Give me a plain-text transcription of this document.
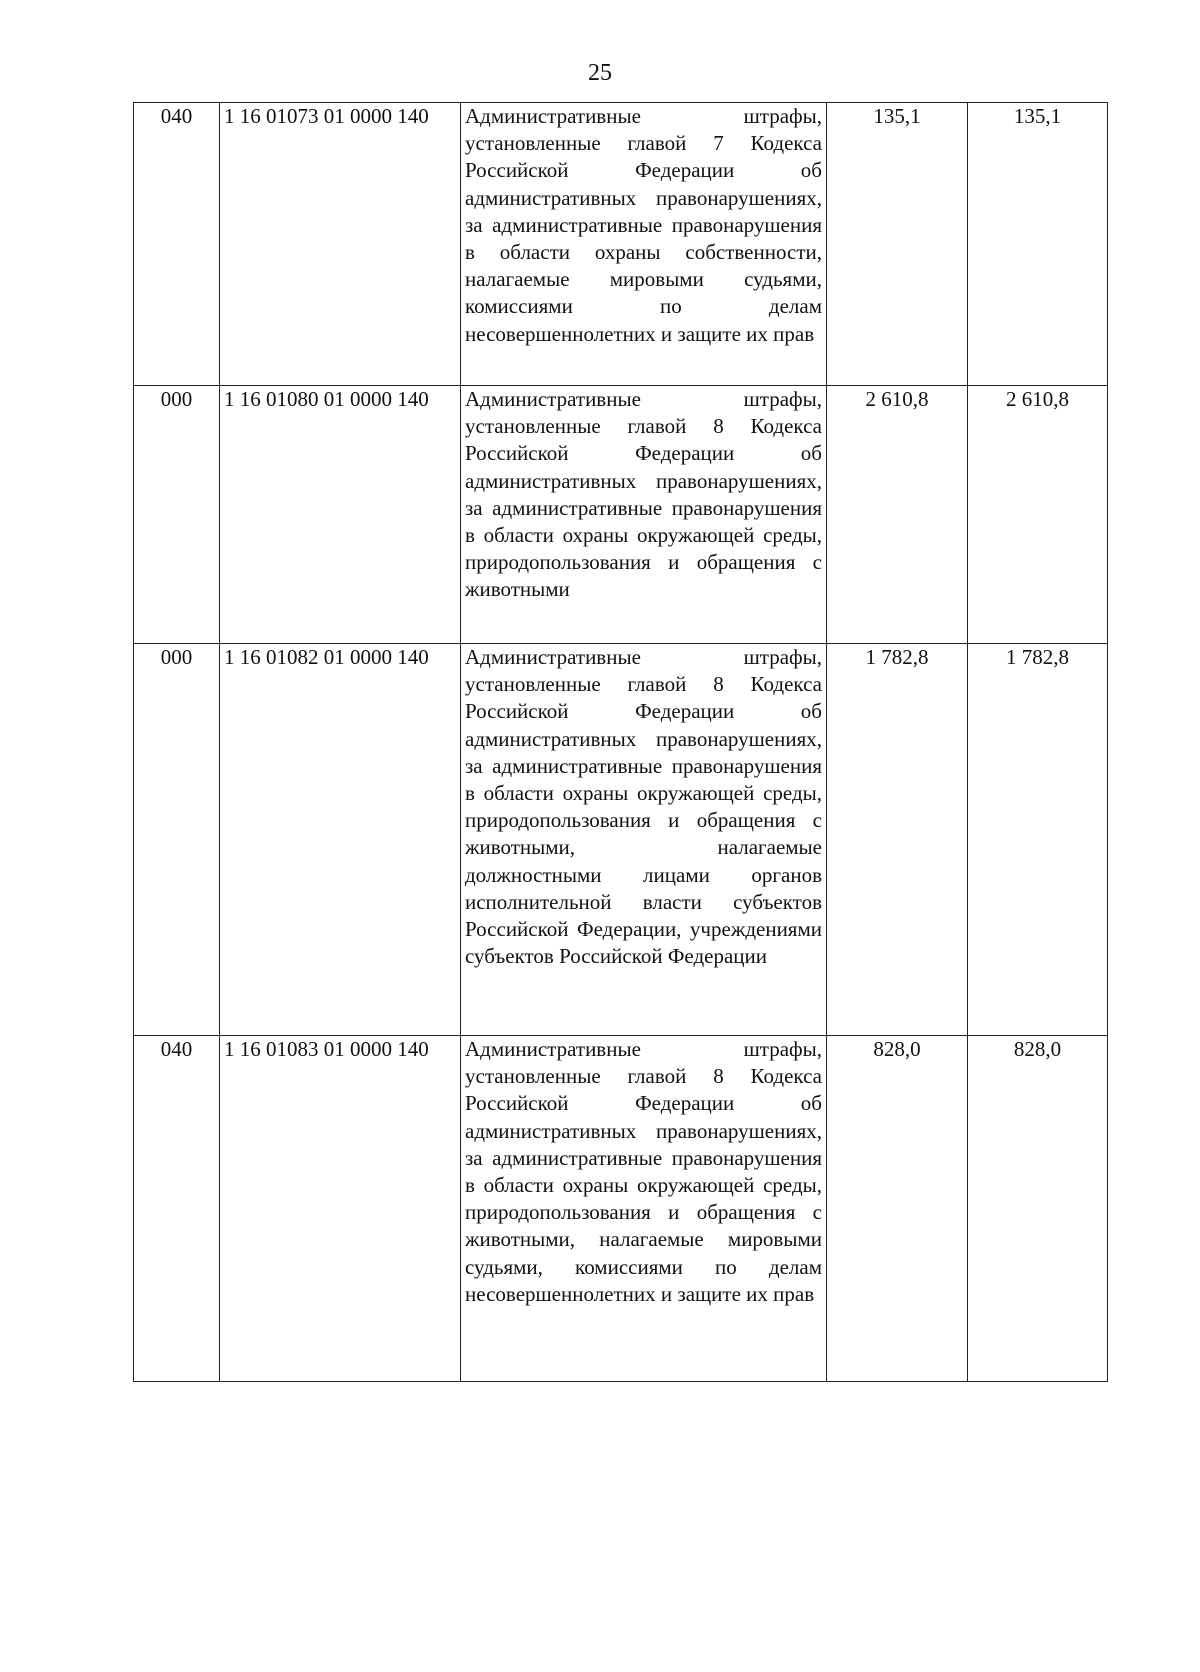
25
040	1 16 01073 01 0000 140	Административные штрафы, установленные главой 7 Кодекса Российской Федерации об административных правонарушениях, за административные правонарушения в области охраны собственности, налагаемые мировыми судьями, комиссиями по делам несовершеннолетних и защите их прав	135,1	135,1
000	1 16 01080 01 0000 140	Административные штрафы, установленные главой 8 Кодекса Российской Федерации об административных правонарушениях, за административные правонарушения в области охраны окружающей среды, природопользования и обращения с животными	2 610,8	2 610,8
000	1 16 01082 01 0000 140	Административные штрафы, установленные главой 8 Кодекса Российской Федерации об административных правонарушениях, за административные правонарушения в области охраны окружающей среды, природопользования и обращения с животными, налагаемые должностными лицами органов исполнительной власти субъектов Российской Федерации, учреждениями субъектов Российской Федерации	1 782,8	1 782,8
040	1 16 01083 01 0000 140	Административные штрафы, установленные главой 8 Кодекса Российской Федерации об административных правонарушениях, за административные правонарушения в области охраны окружающей среды, природопользования и обращения с животными, налагаемые мировыми судьями, комиссиями по делам несовершеннолетних и защите их прав	828,0	828,0
